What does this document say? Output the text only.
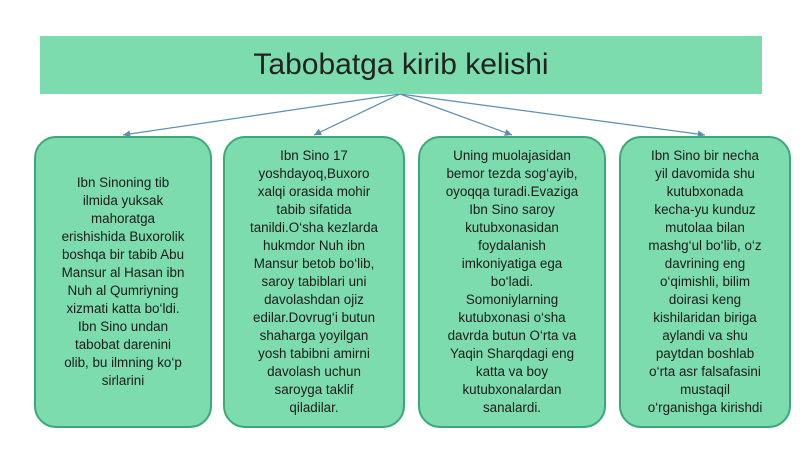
Tabobatga kirib kelishi
Ibn Sinoning tib
ilmida yuksak
mahoratga
erishishida Buxorolik
boshqa bir tabib Abu
Mansur al Hasan ibn
Nuh al Qumriyning
xizmati katta bo‘ldi.
Ibn Sino undan
tabobat darenini
olib, bu ilmning ko‘p
sirlarini
Ibn Sino 17
yoshdayoq,Buxoro
xalqi orasida mohir
tabib sifatida
tanildi.O‘sha kezlarda
hukmdor Nuh ibn
Mansur betob bo‘lib,
saroy tabiblari uni
davolashdan ojiz
edilar.Dovrug‘i butun
shaharga yoyilgan
yosh tabibni amirni
davolash uchun
saroyga taklif
qiladilar.
Uning muolajasidan
bemor tezda sog‘ayib,
oyoqqa turadi.Evaziga
Ibn Sino saroy
kutubxonasidan
foydalanish
imkoniyatiga ega
bo‘ladi.
Somoniylarning
kutubxonasi o‘sha
davrda butun O‘rta va
Yaqin Sharqdagi eng
katta va boy
kutubxonalardan
sanalardi.
Ibn Sino bir necha
yil davomida shu
kutubxonada
kecha-yu kunduz
mutolaa bilan
mashg‘ul bo‘lib, o‘z
davrining eng
o‘qimishli, bilim
doirasi keng
kishilaridan biriga
aylandi va shu
paytdan boshlab
o‘rta asr falsafasini
mustaqil
o‘rganishga kirishdi
